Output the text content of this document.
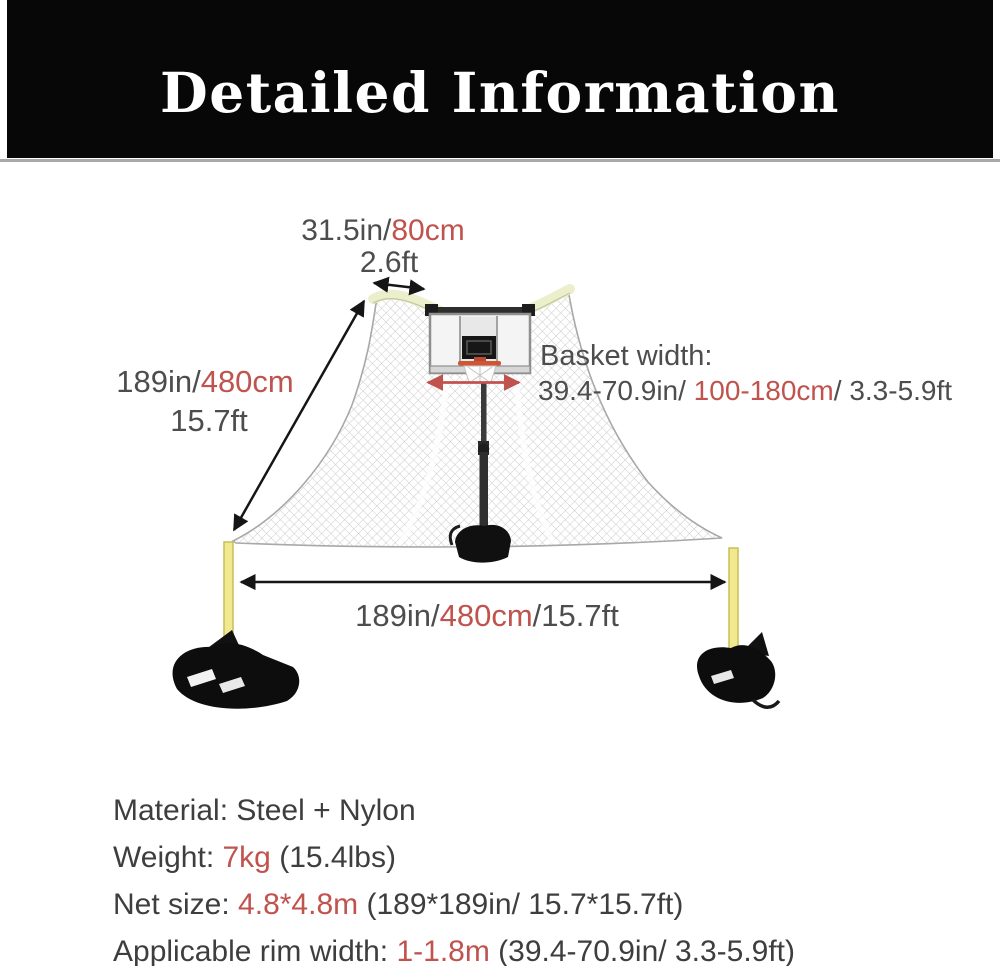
Detailed Information
31.5in/80cm
2.6ft
189in/480cm
15.7ft
Basket width:
39.4-70.9in/ 100-180cm/ 3.3-5.9ft
189in/480cm/15.7ft
Material: Steel + Nylon
Weight: 7kg (15.4lbs)
Net size: 4.8*4.8m (189*189in/ 15.7*15.7ft)
Applicable rim width: 1-1.8m (39.4-70.9in/ 3.3-5.9ft)
